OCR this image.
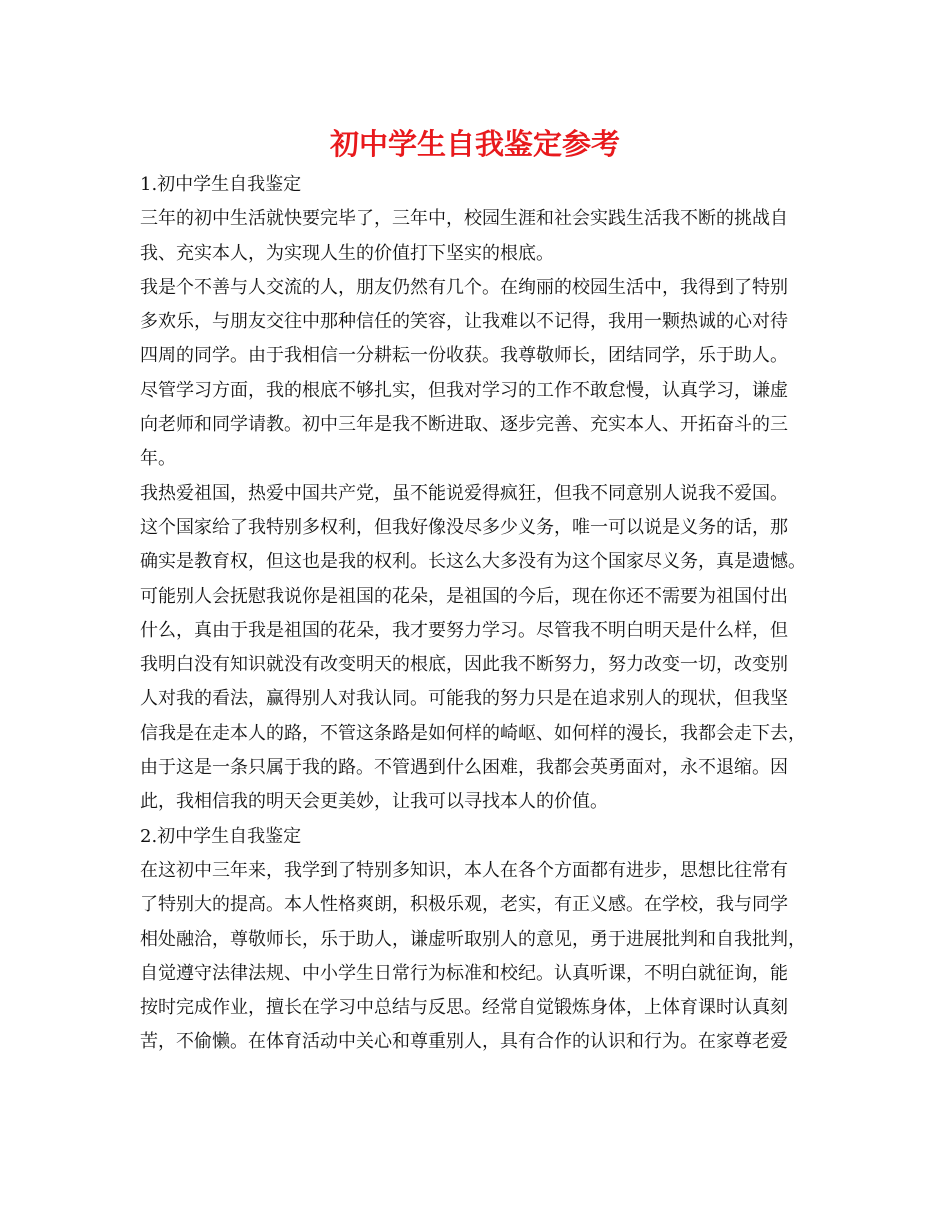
初中学生自我鉴定参考

1.初中学生自我鉴定

三年的初中生活就快要完毕了，三年中，校园生涯和社会实践生活我不断的挑战自

我、充实本人，为实现人生的价值打下坚实的根底。

我是个不善与人交流的人，朋友仍然有几个。在绚丽的校园生活中，我得到了特别

多欢乐，与朋友交往中那种信任的笑容，让我难以不记得，我用一颗热诚的心对待

四周的同学。由于我相信一分耕耘一份收获。我尊敬师长，团结同学，乐于助人。

尽管学习方面，我的根底不够扎实，但我对学习的工作不敢怠慢，认真学习，谦虚

向老师和同学请教。初中三年是我不断进取、逐步完善、充实本人、开拓奋斗的三

年。

我热爱祖国，热爱中国共产党，虽不能说爱得疯狂，但我不同意别人说我不爱国。

这个国家给了我特别多权利，但我好像没尽多少义务，唯一可以说是义务的话，那

确实是教育权，但这也是我的权利。长这么大多没有为这个国家尽义务，真是遗憾。

可能别人会抚慰我说你是祖国的花朵，是祖国的今后，现在你还不需要为祖国付出

什么，真由于我是祖国的花朵，我才要努力学习。尽管我不明白明天是什么样，但

我明白没有知识就没有改变明天的根底，因此我不断努力，努力改变一切，改变别

人对我的看法，赢得别人对我认同。可能我的努力只是在追求别人的现状，但我坚

信我是在走本人的路，不管这条路是如何样的崎岖、如何样的漫长，我都会走下去，

由于这是一条只属于我的路。不管遇到什么困难，我都会英勇面对，永不退缩。因

此，我相信我的明天会更美妙，让我可以寻找本人的价值。

2.初中学生自我鉴定

在这初中三年来，我学到了特别多知识，本人在各个方面都有进步，思想比往常有

了特别大的提高。本人性格爽朗，积极乐观，老实，有正义感。在学校，我与同学

相处融洽，尊敬师长，乐于助人，谦虚听取别人的意见，勇于进展批判和自我批判，

自觉遵守法律法规、中小学生日常行为标准和校纪。认真听课，不明白就征询，能

按时完成作业，擅长在学习中总结与反思。经常自觉锻炼身体，上体育课时认真刻

苦，不偷懒。在体育活动中关心和尊重别人，具有合作的认识和行为。在家尊老爱
